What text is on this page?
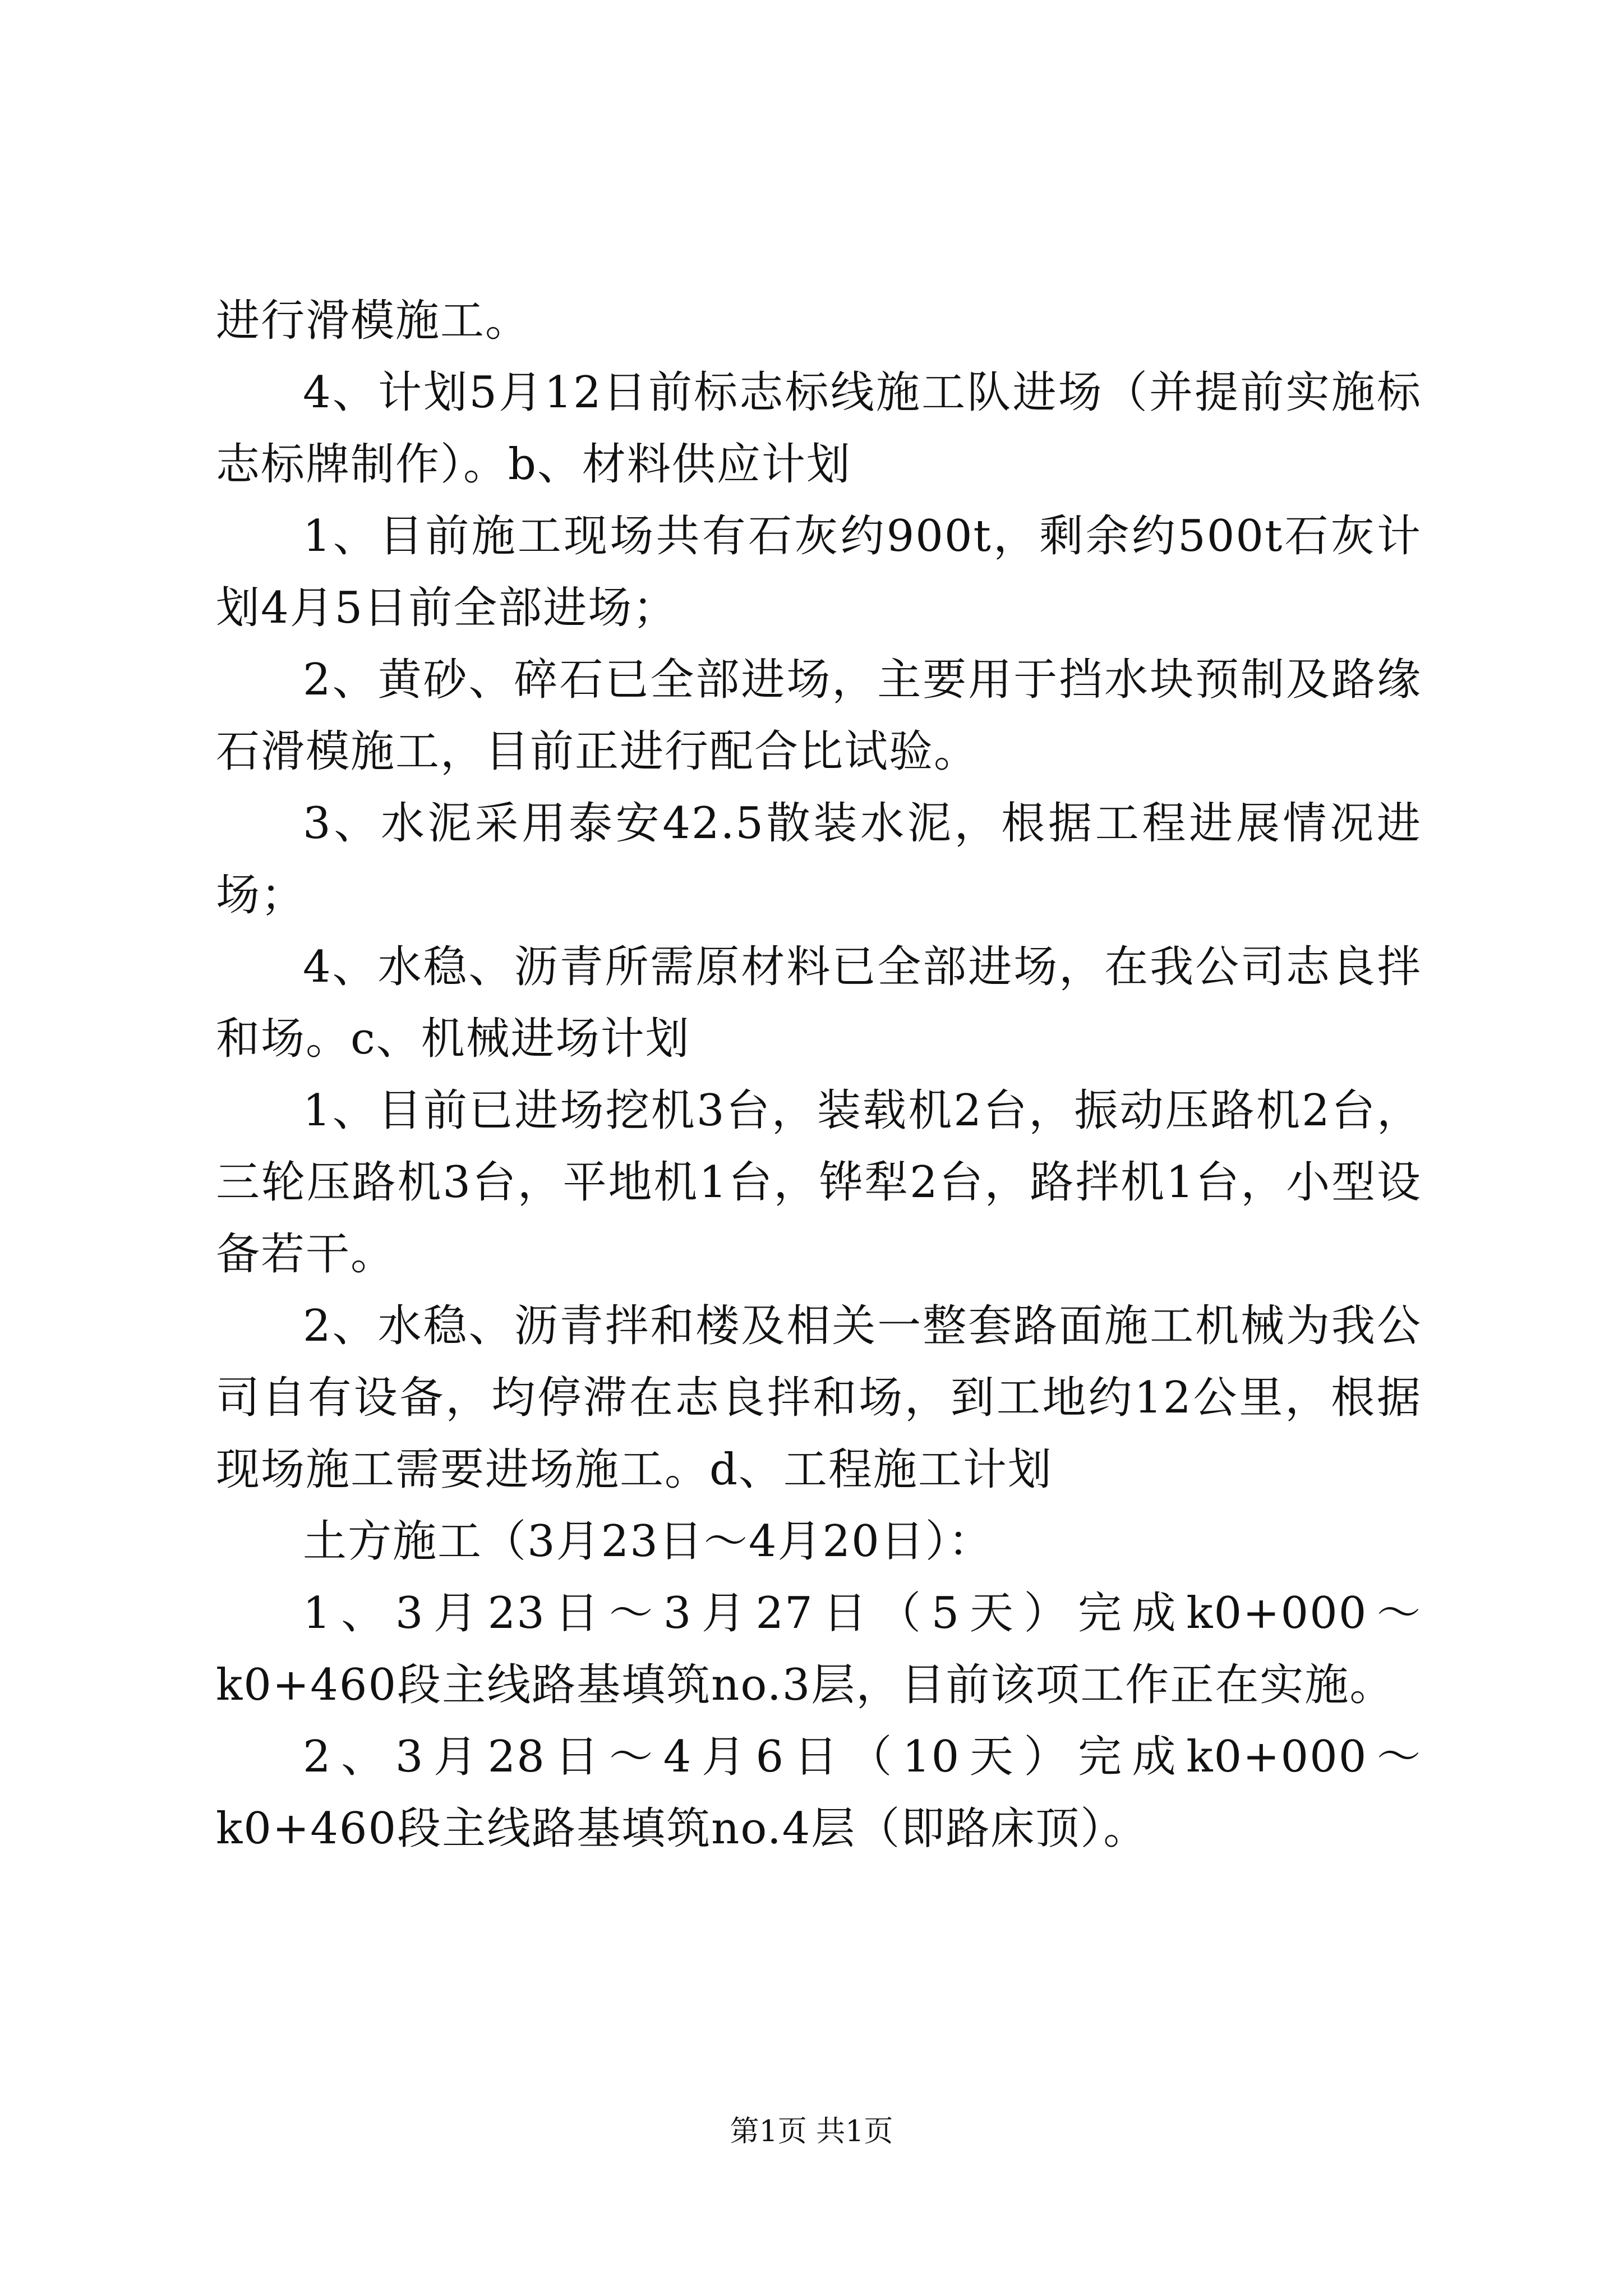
进行滑模施工。

4、计划5月12日前标志标线施工队进场（并提前实施标志标牌制作）。b、材料供应计划

1、目前施工现场共有石灰约900t，剩余约500t石灰计划4月5日前全部进场；

2、黄砂、碎石已全部进场，主要用于挡水块预制及路缘石滑模施工，目前正进行配合比试验。

3、水泥采用泰安42.5散装水泥，根据工程进展情况进场；

4、水稳、沥青所需原材料已全部进场，在我公司志良拌和场。c、机械进场计划

1、目前已进场挖机3台，装载机2台，振动压路机2台，三轮压路机3台，平地机1台，铧犁2台，路拌机1台，小型设备若干。

2、水稳、沥青拌和楼及相关一整套路面施工机械为我公司自有设备，均停滞在志良拌和场，到工地约12公里，根据现场施工需要进场施工。d、工程施工计划

土方施工（3月23日～4月20日）：

1、3月23日～3月27日（5天）完成k0+000～k0+460段主线路基填筑no.3层，目前该项工作正在实施。

2、3月28日～4月6日（10天）完成k0+000～k0+460段主线路基填筑no.4层（即路床顶）。

第1页 共1页
